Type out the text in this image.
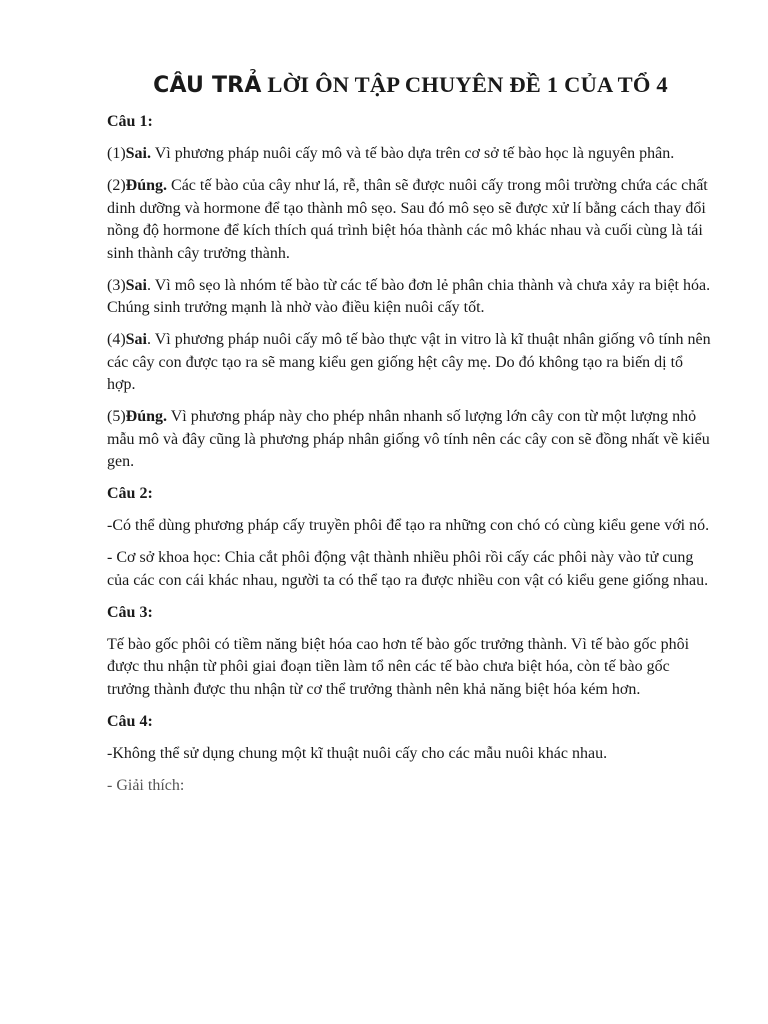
CÂU TRẢ LỜI ÔN TẬP CHUYÊN ĐỀ 1 CỦA TỔ 4
Câu 1:

(1)Sai. Vì phương pháp nuôi cấy mô và tế bào dựa trên cơ sở tế bào học là nguyên phân.

(2)Đúng. Các tế bào của cây như lá, rễ, thân sẽ được nuôi cấy trong môi trường chứa các chất dinh dưỡng và hormone để tạo thành mô sẹo. Sau đó mô sẹo sẽ được xử lí bằng cách thay đổi nồng độ hormone để kích thích quá trình biệt hóa thành các mô khác nhau và cuối cùng là tái sinh thành cây trưởng thành.

(3)Sai. Vì mô sẹo là nhóm tế bào từ các tế bào đơn lẻ phân chia thành và chưa xảy ra biệt hóa. Chúng sinh trưởng mạnh là nhờ vào điều kiện nuôi cấy tốt.

(4)Sai. Vì phương pháp nuôi cấy mô tế bào thực vật in vitro là kĩ thuật nhân giống vô tính nên các cây con được tạo ra sẽ mang kiểu gen giống hệt cây mẹ. Do đó không tạo ra biến dị tổ hợp.

(5)Đúng. Vì phương pháp này cho phép nhân nhanh số lượng lớn cây con từ một lượng nhỏ mẫu mô và đây cũng là phương pháp nhân giống vô tính nên các cây con sẽ đồng nhất về kiểu gen.

Câu 2:

-Có thể dùng phương pháp cấy truyền phôi để tạo ra những con chó có cùng kiểu gene với nó.

- Cơ sở khoa học: Chia cắt phôi động vật thành nhiều phôi rồi cấy các phôi này vào tử cung của các con cái khác nhau, người ta có thể tạo ra được nhiều con vật có kiểu gene giống nhau.

Câu 3:

Tế bào gốc phôi có tiềm năng biệt hóa cao hơn tế bào gốc trưởng thành. Vì tế bào gốc phôi được thu nhận từ phôi giai đoạn tiền làm tổ nên các tế bào chưa biệt hóa, còn tế bào gốc trưởng thành được thu nhận từ cơ thể trưởng thành nên khả năng biệt hóa kém hơn.

Câu 4:

-Không thể sử dụng chung một kĩ thuật nuôi cấy cho các mẫu nuôi khác nhau.

- Giải thích:
